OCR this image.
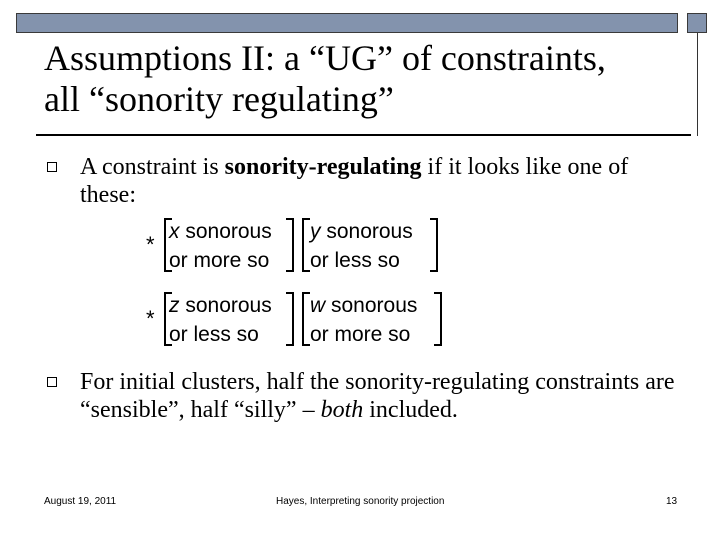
Assumptions II: a “UG” of constraints,
all “sonority regulating”
A constraint is sonority-regulating if it looks like one of these:
*
x sonorous
or more so
y sonorous
or less so
*
z sonorous
or less so
w sonorous
or more so
For initial clusters, half the sonority-regulating constraints are “sensible”, half “silly” – both included.
August 19, 2011	Hayes, Interpreting sonority projection	13
